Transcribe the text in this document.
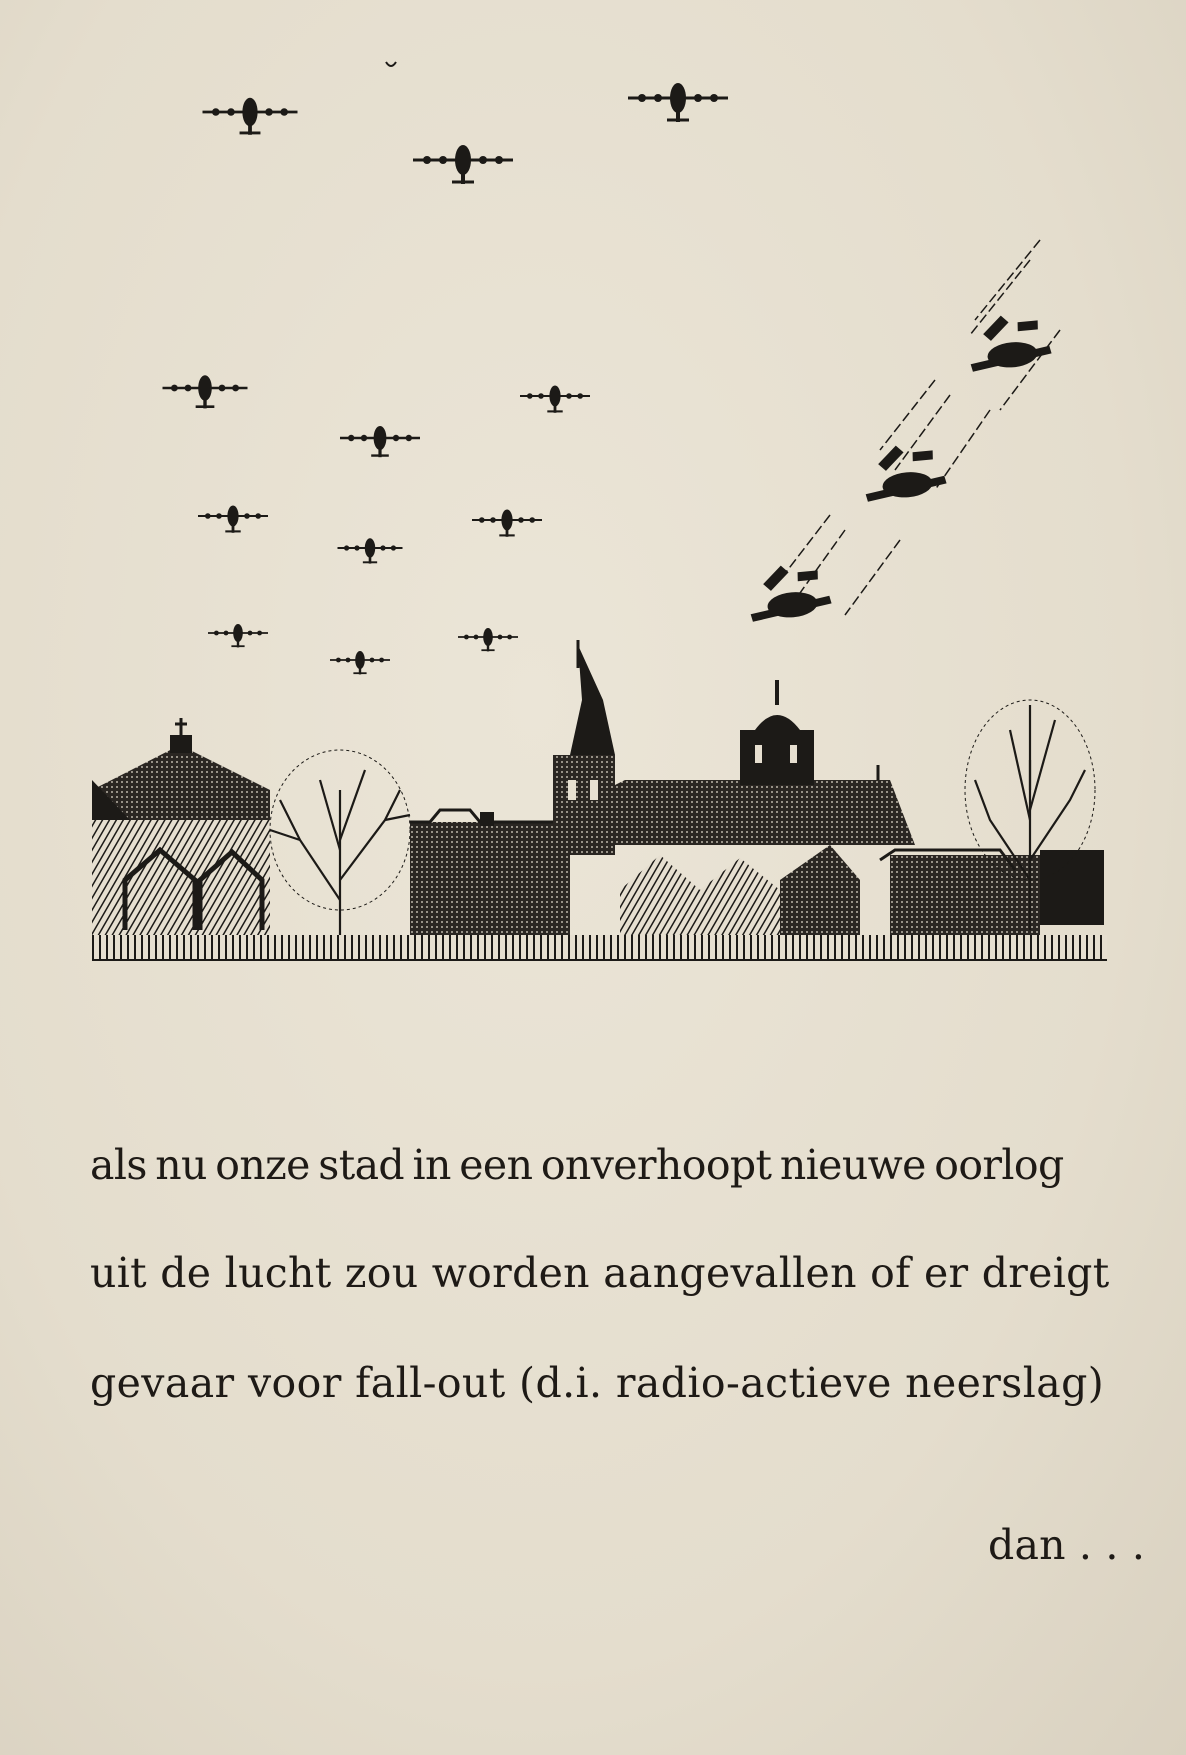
als nu onze stad in een onverhoopt nieuwe oorlog
uit de lucht zou worden aangevallen of er dreigt
gevaar voor fall-out (d.i. radio-actieve neerslag)
dan . . .
